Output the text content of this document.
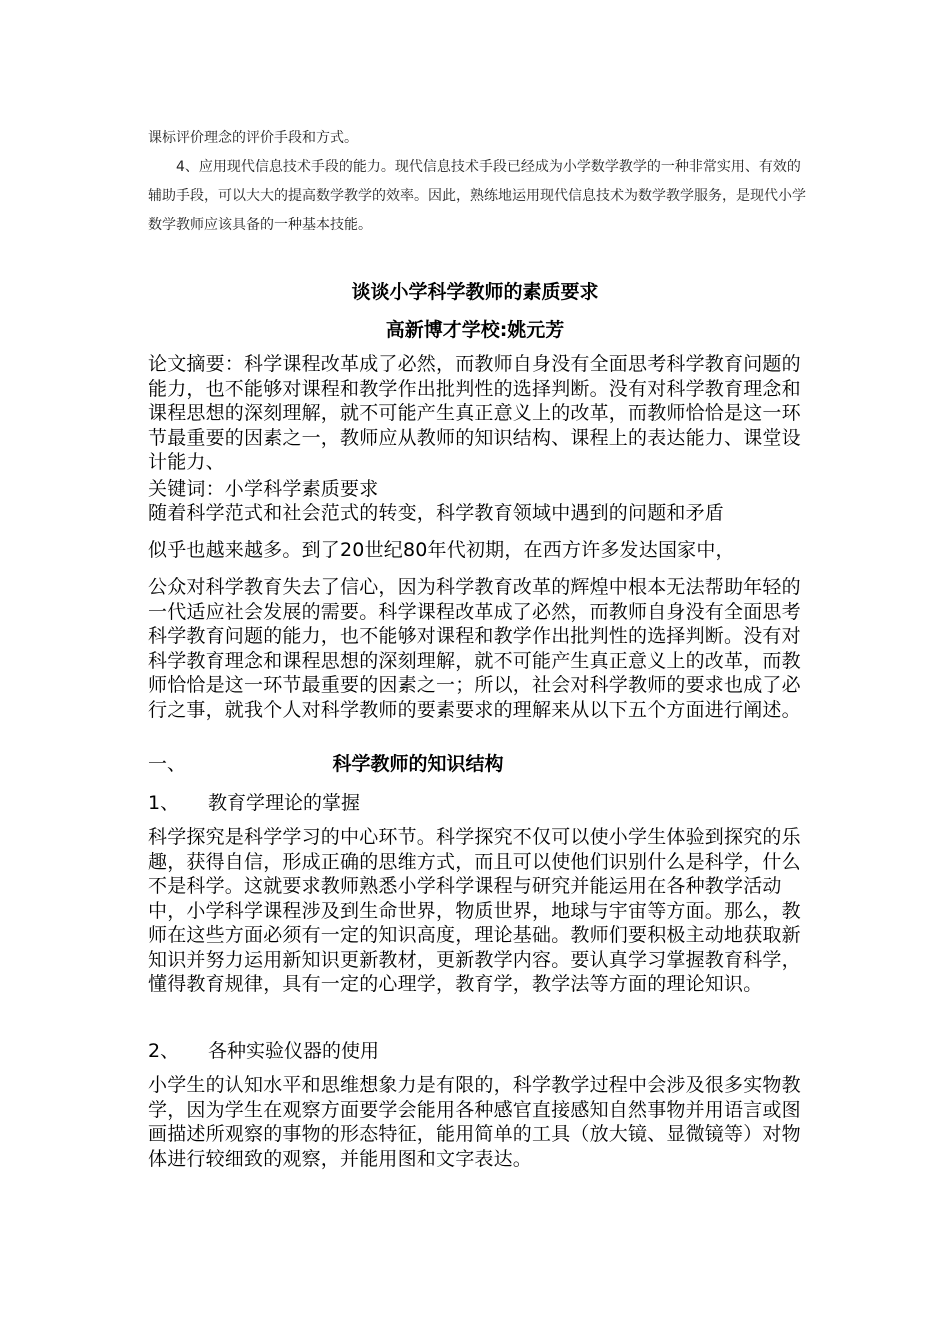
课标评价理念的评价手段和方式。
4、应用现代信息技术手段的能力。现代信息技术手段已经成为小学数学教学的一种非常实用、有效的辅助手段，可以大大的提高数学教学的效率。因此，熟练地运用现代信息技术为数学教学服务，是现代小学数学教师应该具备的一种基本技能。
谈谈小学科学教师的素质要求
高新博才学校:姚元芳
论文摘要：科学课程改革成了必然，而教师自身没有全面思考科学教育问题的能力，也不能够对课程和教学作出批判性的选择判断。没有对科学教育理念和课程思想的深刻理解，就不可能产生真正意义上的改革，而教师恰恰是这一环节最重要的因素之一，教师应从教师的知识结构、课程上的表达能力、课堂设计能力、
关键词：小学科学素质要求
随着科学范式和社会范式的转变，科学教育领域中遇到的问题和矛盾
似乎也越来越多。到了20世纪80年代初期，在西方许多发达国家中，
公众对科学教育失去了信心，因为科学教育改革的辉煌中根本无法帮助年轻的一代适应社会发展的需要。科学课程改革成了必然，而教师自身没有全面思考科学教育问题的能力，也不能够对课程和教学作出批判性的选择判断。没有对科学教育理念和课程思想的深刻理解，就不可能产生真正意义上的改革，而教师恰恰是这一环节最重要的因素之一；所以，社会对科学教师的要求也成了必行之事，就我个人对科学教师的要素要求的理解来从以下五个方面进行阐述。
一、	科学教师的知识结构
1、 教育学理论的掌握
科学探究是科学学习的中心环节。科学探究不仅可以使小学生体验到探究的乐趣，获得自信，形成正确的思维方式，而且可以使他们识别什么是科学，什么不是科学。这就要求教师熟悉小学科学课程与研究并能运用在各种教学活动中，小学科学课程涉及到生命世界，物质世界，地球与宇宙等方面。那么，教师在这些方面必须有一定的知识高度，理论基础。教师们要积极主动地获取新知识并努力运用新知识更新教材，更新教学内容。要认真学习掌握教育科学，懂得教育规律，具有一定的心理学，教育学，教学法等方面的理论知识。
2、 各种实验仪器的使用
小学生的认知水平和思维想象力是有限的，科学教学过程中会涉及很多实物教学，因为学生在观察方面要学会能用各种感官直接感知自然事物并用语言或图画描述所观察的事物的形态特征，能用简单的工具（放大镜、显微镜等）对物体进行较细致的观察，并能用图和文字表达。
